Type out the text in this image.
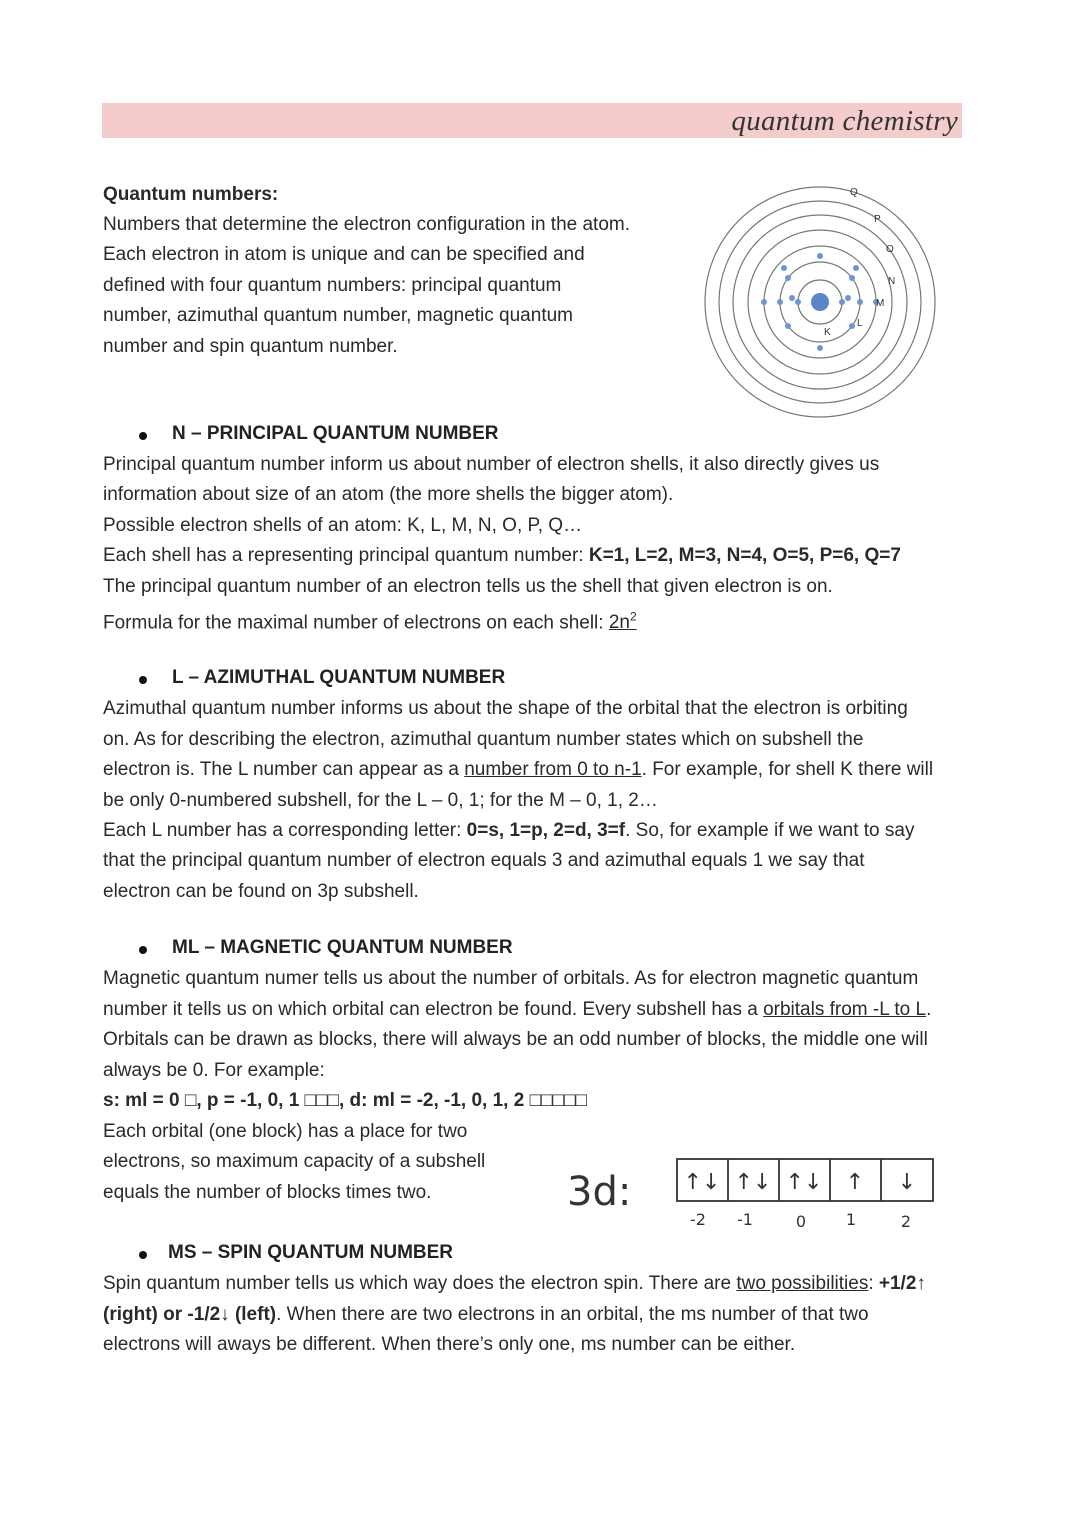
quantum chemistry
Quantum numbers:
Numbers that determine the electron configuration in the atom.
Each electron in atom is unique and can be specified and
defined with four quantum numbers: principal quantum
number, azimuthal quantum number, magnetic quantum
number and spin quantum number.
K
L
M
N
O
P
Q
N – PRINCIPAL QUANTUM NUMBER
Principal quantum number inform us about number of electron shells, it also directly gives us
information about size of an atom (the more shells the bigger atom).
Possible electron shells of an atom: K, L, M, N, O, P, Q…
Each shell has a representing principal quantum number: K=1, L=2, M=3, N=4, O=5, P=6, Q=7
The principal quantum number of an electron tells us the shell that given electron is on.
Formula for the maximal number of electrons on each shell: $2n^2$
L – AZIMUTHAL QUANTUM NUMBER
Azimuthal quantum number informs us about the shape of the orbital that the electron is orbiting
on. As for describing the electron, azimuthal quantum number states which on subshell the
electron is. The L number can appear as a number from 0 to n-1. For example, for shell K there will
be only 0-numbered subshell, for the L – 0, 1; for the M – 0, 1, 2…
Each L number has a corresponding letter: 0=s, 1=p, 2=d, 3=f. So, for example if we want to say
that the principal quantum number of electron equals 3 and azimuthal equals 1 we say that
electron can be found on 3p subshell.
ML – MAGNETIC QUANTUM NUMBER
Magnetic quantum numer tells us about the number of orbitals. As for electron magnetic quantum
number it tells us on which orbital can electron be found. Every subshell has a orbitals from -L to L.
Orbitals can be drawn as blocks, there will always be an odd number of blocks, the middle one will
always be 0. For example:
s: ml = 0 □, p = -1, 0, 1 □□□, d: ml = -2, -1, 0, 1, 2 □□□□□
Each orbital (one block) has a place for two
electrons, so maximum capacity of a subshell
equals the number of blocks times two.	3d: ↑↓ ↑↓ ↑↓ ↑ ↓
-2 -1	0 1	2
MS – SPIN QUANTUM NUMBER
Spin quantum number tells us which way does the electron spin. There are two possibilities: +1/2↑
(right) or -1/2↓ (left). When there are two electrons in an orbital, the ms number of that two
electrons will aways be different. When there’s only one, ms number can be either.
